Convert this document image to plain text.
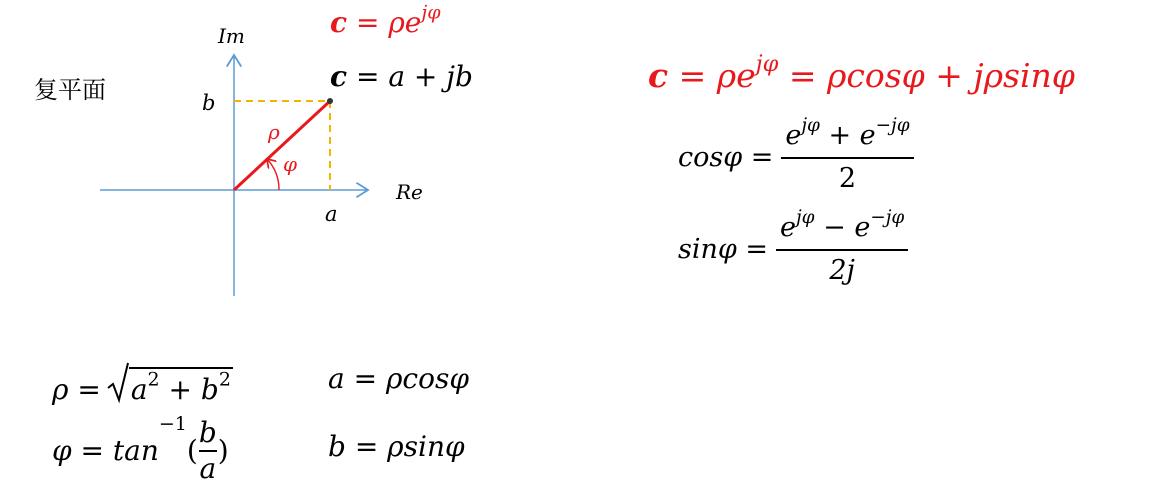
复平面
Im
Re
b
a
ρ
φ
$c = \rho e^{j\varphi}$
c = a + jb	$c = \rho e^{j\varphi} = \rho\cos\varphi + j\rho\sin\varphi$
$\cos\varphi = \frac{e^{j\varphi} + e^{-j\varphi}}{2}$
$\sin\varphi = \frac{e^{j\varphi} - e^{-j\varphi}}{2j}$
$\rho = a^2 + b^2$
φ = tan
−1
( $\frac{b}{a}$ )
a = ρcosφ
b = ρsinφ
